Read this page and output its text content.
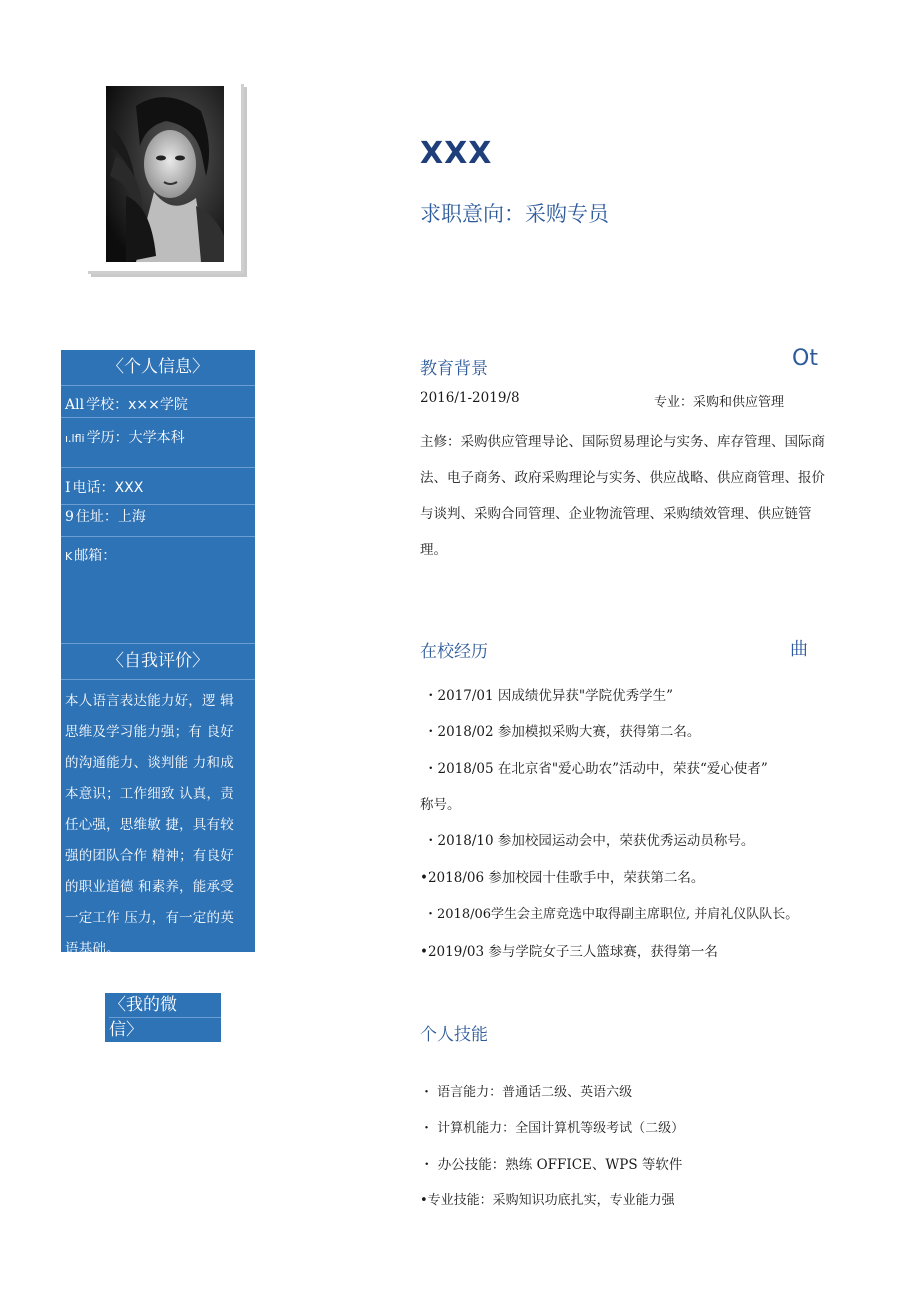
XXX
求职意向：采购专员
〈个人信息〉
All 学校：x××学院
ı.lfli 学历：大学本科
I 电话：XXX
9 住址：上海
K 邮箱：
〈自我评价〉
本人语言表达能力好，逻 辑
思维及学习能力强；有 良好
的沟通能力、谈判能 力和成
本意识；工作细致 认真，责
任心强，思维敏 捷，具有较
强的团队合作 精神；有良好
的职业道德 和素养，能承受
一定工作 压力，有一定的英
语基础。
〈我的微
信〉
教育背景	Ot
2016/1-2019/8	专业：采购和供应管理
主修：采购供应管理导论、国际贸易理论与实务、库存管理、国际商法、电子商务、政府采购理论与实务、供应战略、供应商管理、报价与谈判、采购合同管理、企业物流管理、采购绩效管理、供应链管理。
在校经历	曲
・2017/01 因成绩优异获"学院优秀学生”
・2018/02 参加模拟采购大赛，获得第二名。
・2018/05 在北京省"爱心助农”活动中，荣获“爱心使者”
称号。
・2018/10 参加校园运动会中，荣获优秀运动员称号。
•2018/06 参加校园十佳歌手中，荣获第二名。
・2018/06学生会主席竞选中取得副主席职位, 并肩礼仪队队长。
•2019/03 参与学院女子三人篮球赛，获得第一名
个人技能
・ 语言能力：普通话二级、英语六级
・ 计算机能力：全国计算机等级考试（二级）
・ 办公技能：熟练 OFFICE、WPS 等软件
•专业技能：采购知识功底扎实，专业能力强
